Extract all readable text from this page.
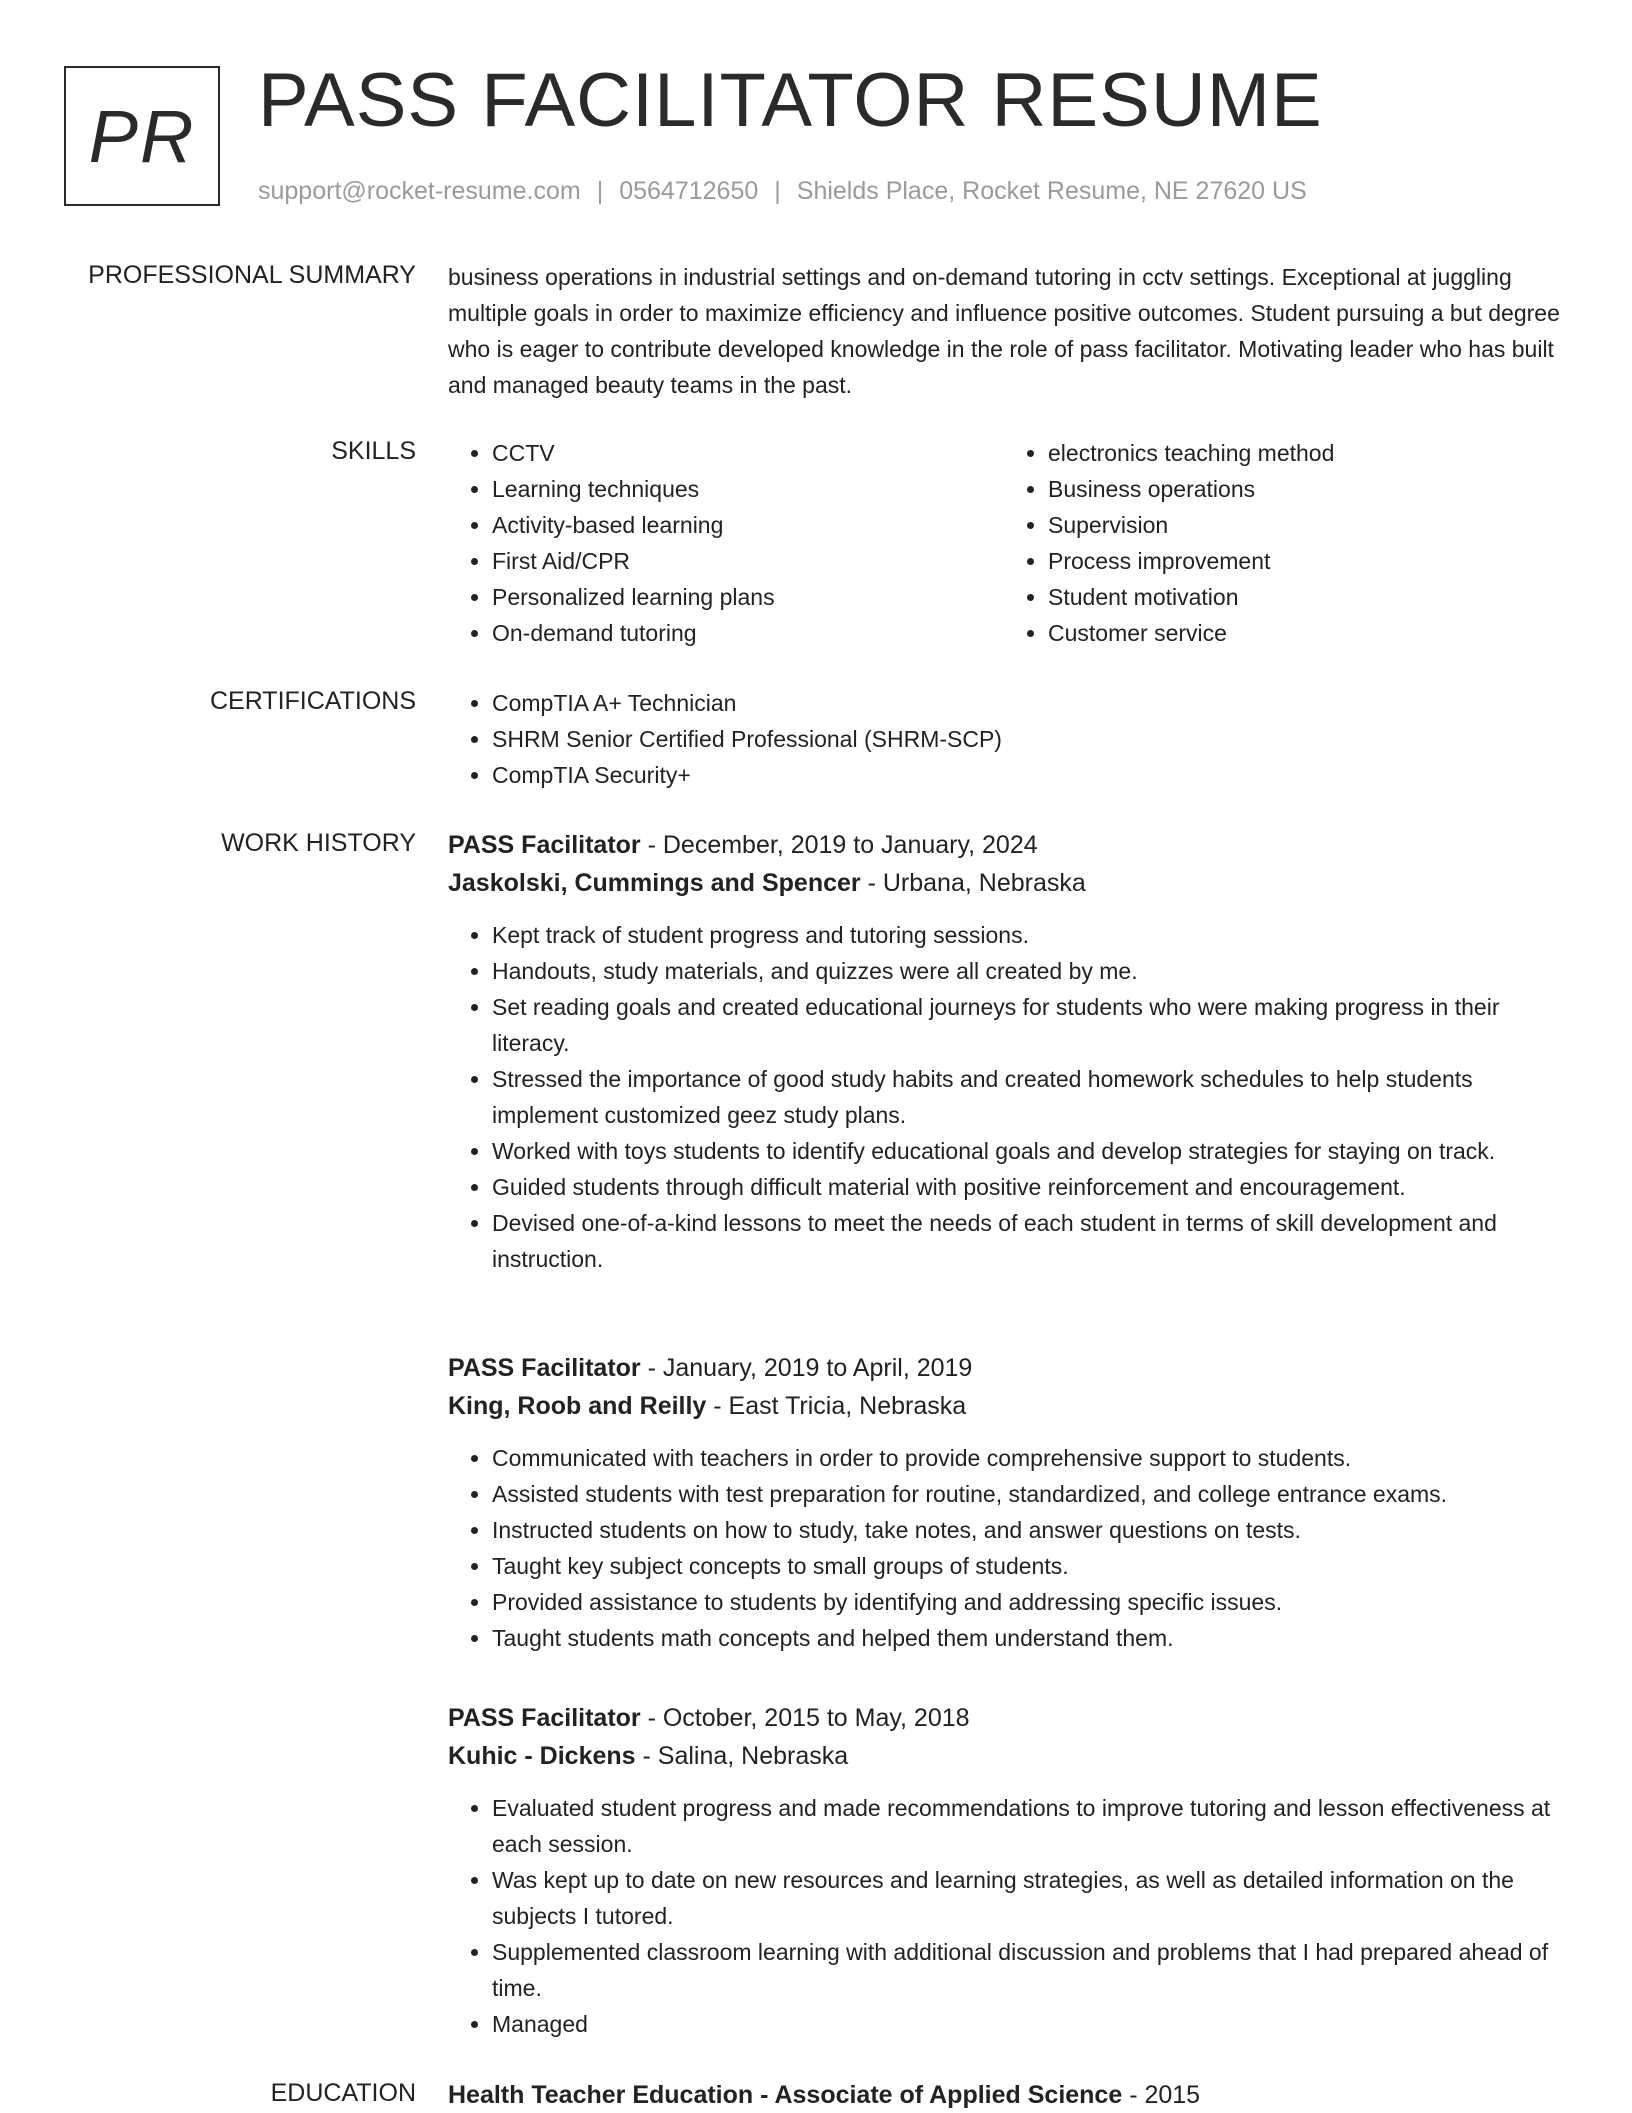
PR PASS FACILITATOR RESUME
support@rocket-resume.com | 0564712650 | Shields Place, Rocket Resume, NE 27620 US
PROFESSIONAL SUMMARY business operations in industrial settings and on-demand tutoring in cctv settings. Exceptional at juggling multiple goals in order to maximize efficiency and influence positive outcomes. Student pursuing a but degree who is eager to contribute developed knowledge in the role of pass facilitator. Motivating leader who has built and managed beauty teams in the past.

SKILLS	• CCTV
• Learning techniques
• Activity-based learning
• First Aid/CPR
• Personalized learning plans
• On-demand tutoring
• electronics teaching method
• Business operations
• Supervision
• Process improvement
• Student motivation
• Customer service
CERTIFICATIONS	• CompTIA A+ Technician
• SHRM Senior Certified Professional (SHRM-SCP)
• CompTIA Security+
WORK HISTORY PASS Facilitator - December, 2019 to January, 2024
Jaskolski, Cummings and Spencer - Urbana, Nebraska
• Kept track of student progress and tutoring sessions.
• Handouts, study materials, and quizzes were all created by me.
• Set reading goals and created educational journeys for students who were making progress in their literacy.
• Stressed the importance of good study habits and created homework schedules to help students implement customized geez study plans.
• Worked with toys students to identify educational goals and develop strategies for staying on track.
• Guided students through difficult material with positive reinforcement and encouragement.
• Devised one-of-a-kind lessons to meet the needs of each student in terms of skill development and instruction.
PASS Facilitator - January, 2019 to April, 2019
King, Roob and Reilly - East Tricia, Nebraska
• Communicated with teachers in order to provide comprehensive support to students.
• Assisted students with test preparation for routine, standardized, and college entrance exams.
• Instructed students on how to study, take notes, and answer questions on tests.
• Taught key subject concepts to small groups of students.
• Provided assistance to students by identifying and addressing specific issues.
• Taught students math concepts and helped them understand them.
PASS Facilitator - October, 2015 to May, 2018
Kuhic - Dickens - Salina, Nebraska
• Evaluated student progress and made recommendations to improve tutoring and lesson effectiveness at each session.
• Was kept up to date on new resources and learning strategies, as well as detailed information on the subjects I tutored.
• Supplemented classroom learning with additional discussion and problems that I had prepared ahead of time.
• Managed
EDUCATION Health Teacher Education - Associate of Applied Science - 2015
